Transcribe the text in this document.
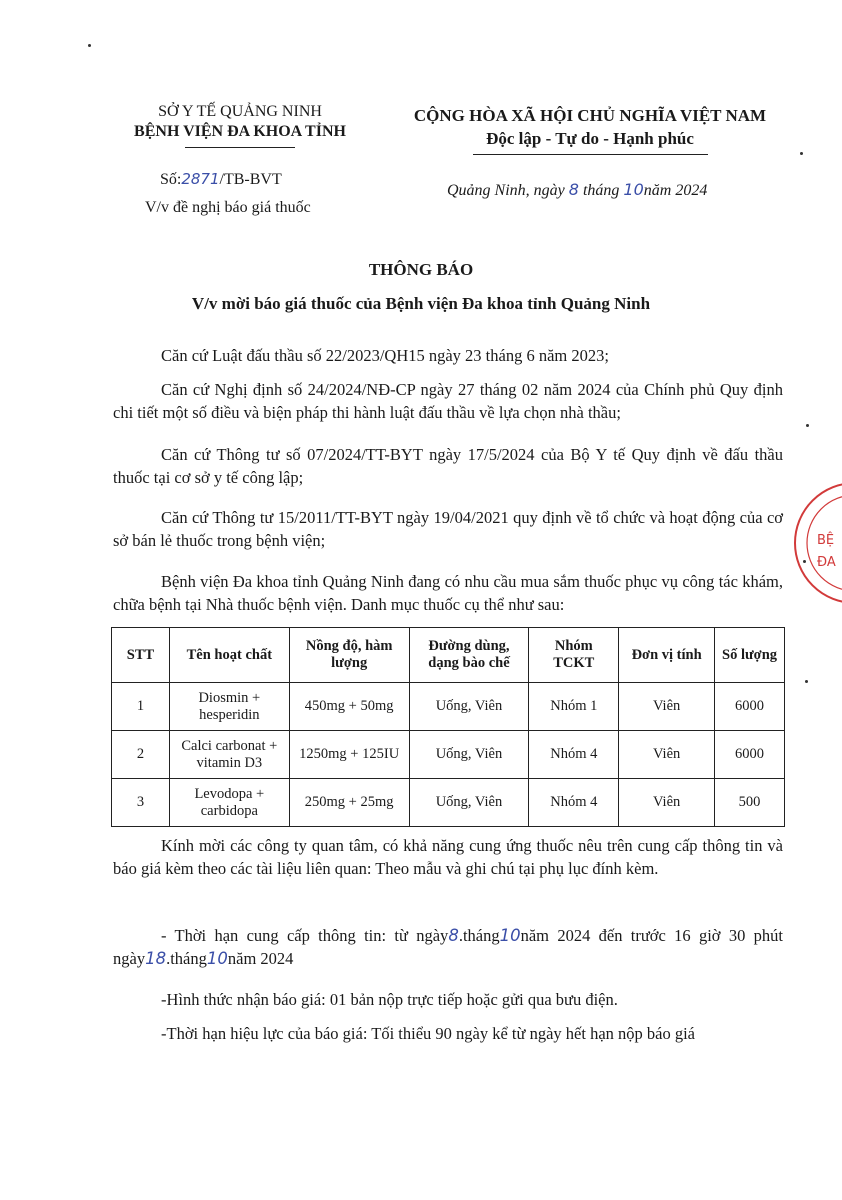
SỞ Y TẾ QUẢNG NINH
BỆNH VIỆN ĐA KHOA TỈNH
CỘNG HÒA XÃ HỘI CHỦ NGHĨA VIỆT NAM
Độc lập - Tự do - Hạnh phúc
Số:2871/TB-BVT
V/v đề nghị báo giá thuốc
Quảng Ninh, ngày 8 tháng 10năm 2024
THÔNG BÁO
V/v mời báo giá thuốc của Bệnh viện Đa khoa tỉnh Quảng Ninh
Căn cứ Luật đấu thầu số 22/2023/QH15 ngày 23 tháng 6 năm 2023;
Căn cứ Nghị định số 24/2024/NĐ-CP ngày 27 tháng 02 năm 2024 của Chính phủ Quy định chi tiết một số điều và biện pháp thi hành luật đấu thầu về lựa chọn nhà thầu;
Căn cứ Thông tư số 07/2024/TT-BYT ngày 17/5/2024 của Bộ Y tế Quy định về đấu thầu thuốc tại cơ sở y tế công lập;
Căn cứ Thông tư 15/2011/TT-BYT ngày 19/04/2021 quy định về tổ chức và hoạt động của cơ sở bán lẻ thuốc trong bệnh viện;
Bệnh viện Đa khoa tỉnh Quảng Ninh đang có nhu cầu mua sắm thuốc phục vụ công tác khám, chữa bệnh tại Nhà thuốc bệnh viện. Danh mục thuốc cụ thể như sau:
STT	Tên hoạt chất	Nồng độ, hàm lượng	Đường dùng, dạng bào chế	Nhóm TCKT	Đơn vị tính	Số lượng
1	Diosmin + hesperidin	450mg + 50mg	Uống, Viên	Nhóm 1	Viên	6000
2	Calci carbonat + vitamin D3	1250mg + 125IU	Uống, Viên	Nhóm 4	Viên	6000
3	Levodopa + carbidopa	250mg + 25mg	Uống, Viên	Nhóm 4	Viên	500
Kính mời các công ty quan tâm, có khả năng cung ứng thuốc nêu trên cung cấp thông tin và báo giá kèm theo các tài liệu liên quan: Theo mẫu và ghi chú tại phụ lục đính kèm.
- Thời hạn cung cấp thông tin: từ ngày8.tháng10năm 2024 đến trước 16 giờ 30 phút ngày18.tháng10năm 2024
-Hình thức nhận báo giá: 01 bản nộp trực tiếp hoặc gửi qua bưu điện.
-Thời hạn hiệu lực của báo giá: Tối thiểu 90 ngày kể từ ngày hết hạn nộp báo giá
BỆ
ĐA
